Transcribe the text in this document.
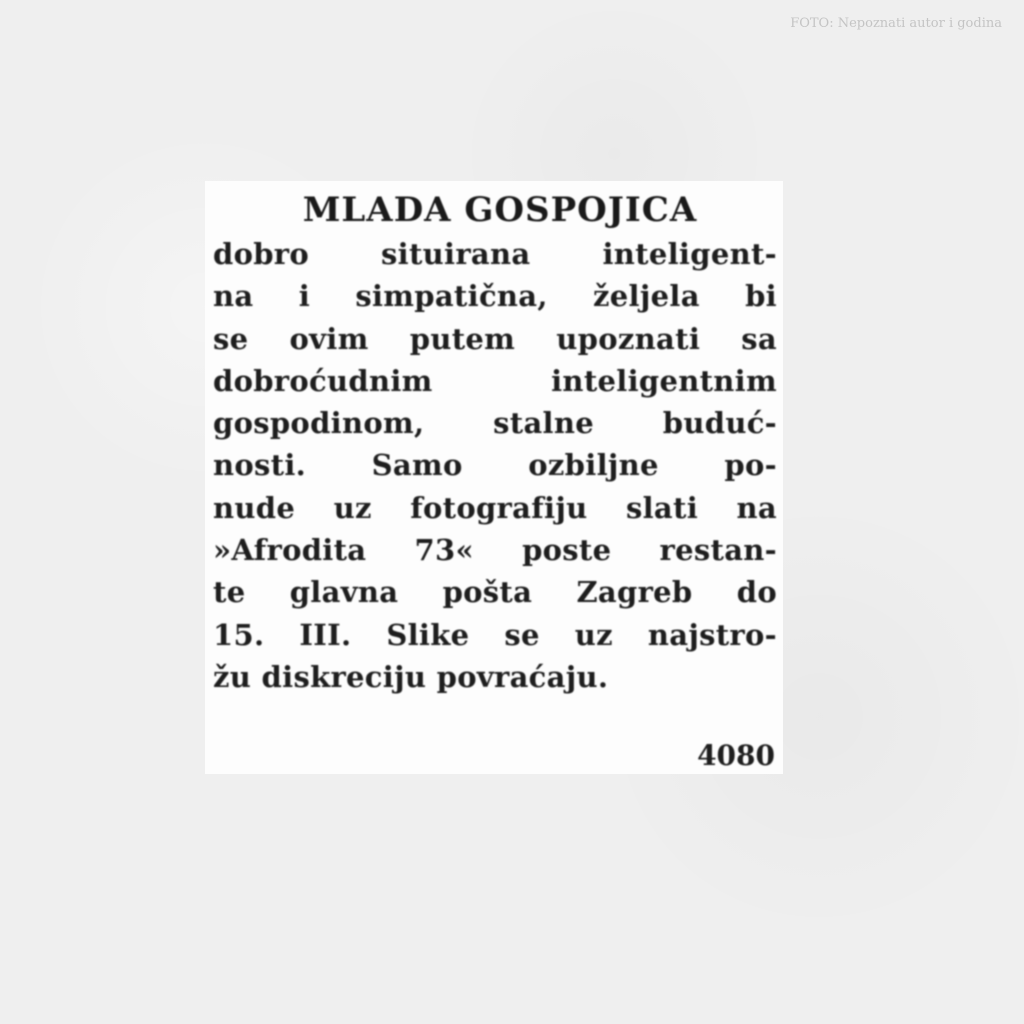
FOTO: Nepoznati autor i godina
MLADA GOSPOJICA
dobro situirana inteligent-
na i simpatična, željela bi
se ovim putem upoznati sa
dobroćudnim inteligentnim
gospodinom, stalne buduć-
nosti. Samo ozbiljne po-
nude uz fotografiju slati na
»Afrodita 73« poste restan-
te glavna pošta Zagreb do
15. III. Slike se uz najstro-
žu diskreciju povraćaju.
4080
